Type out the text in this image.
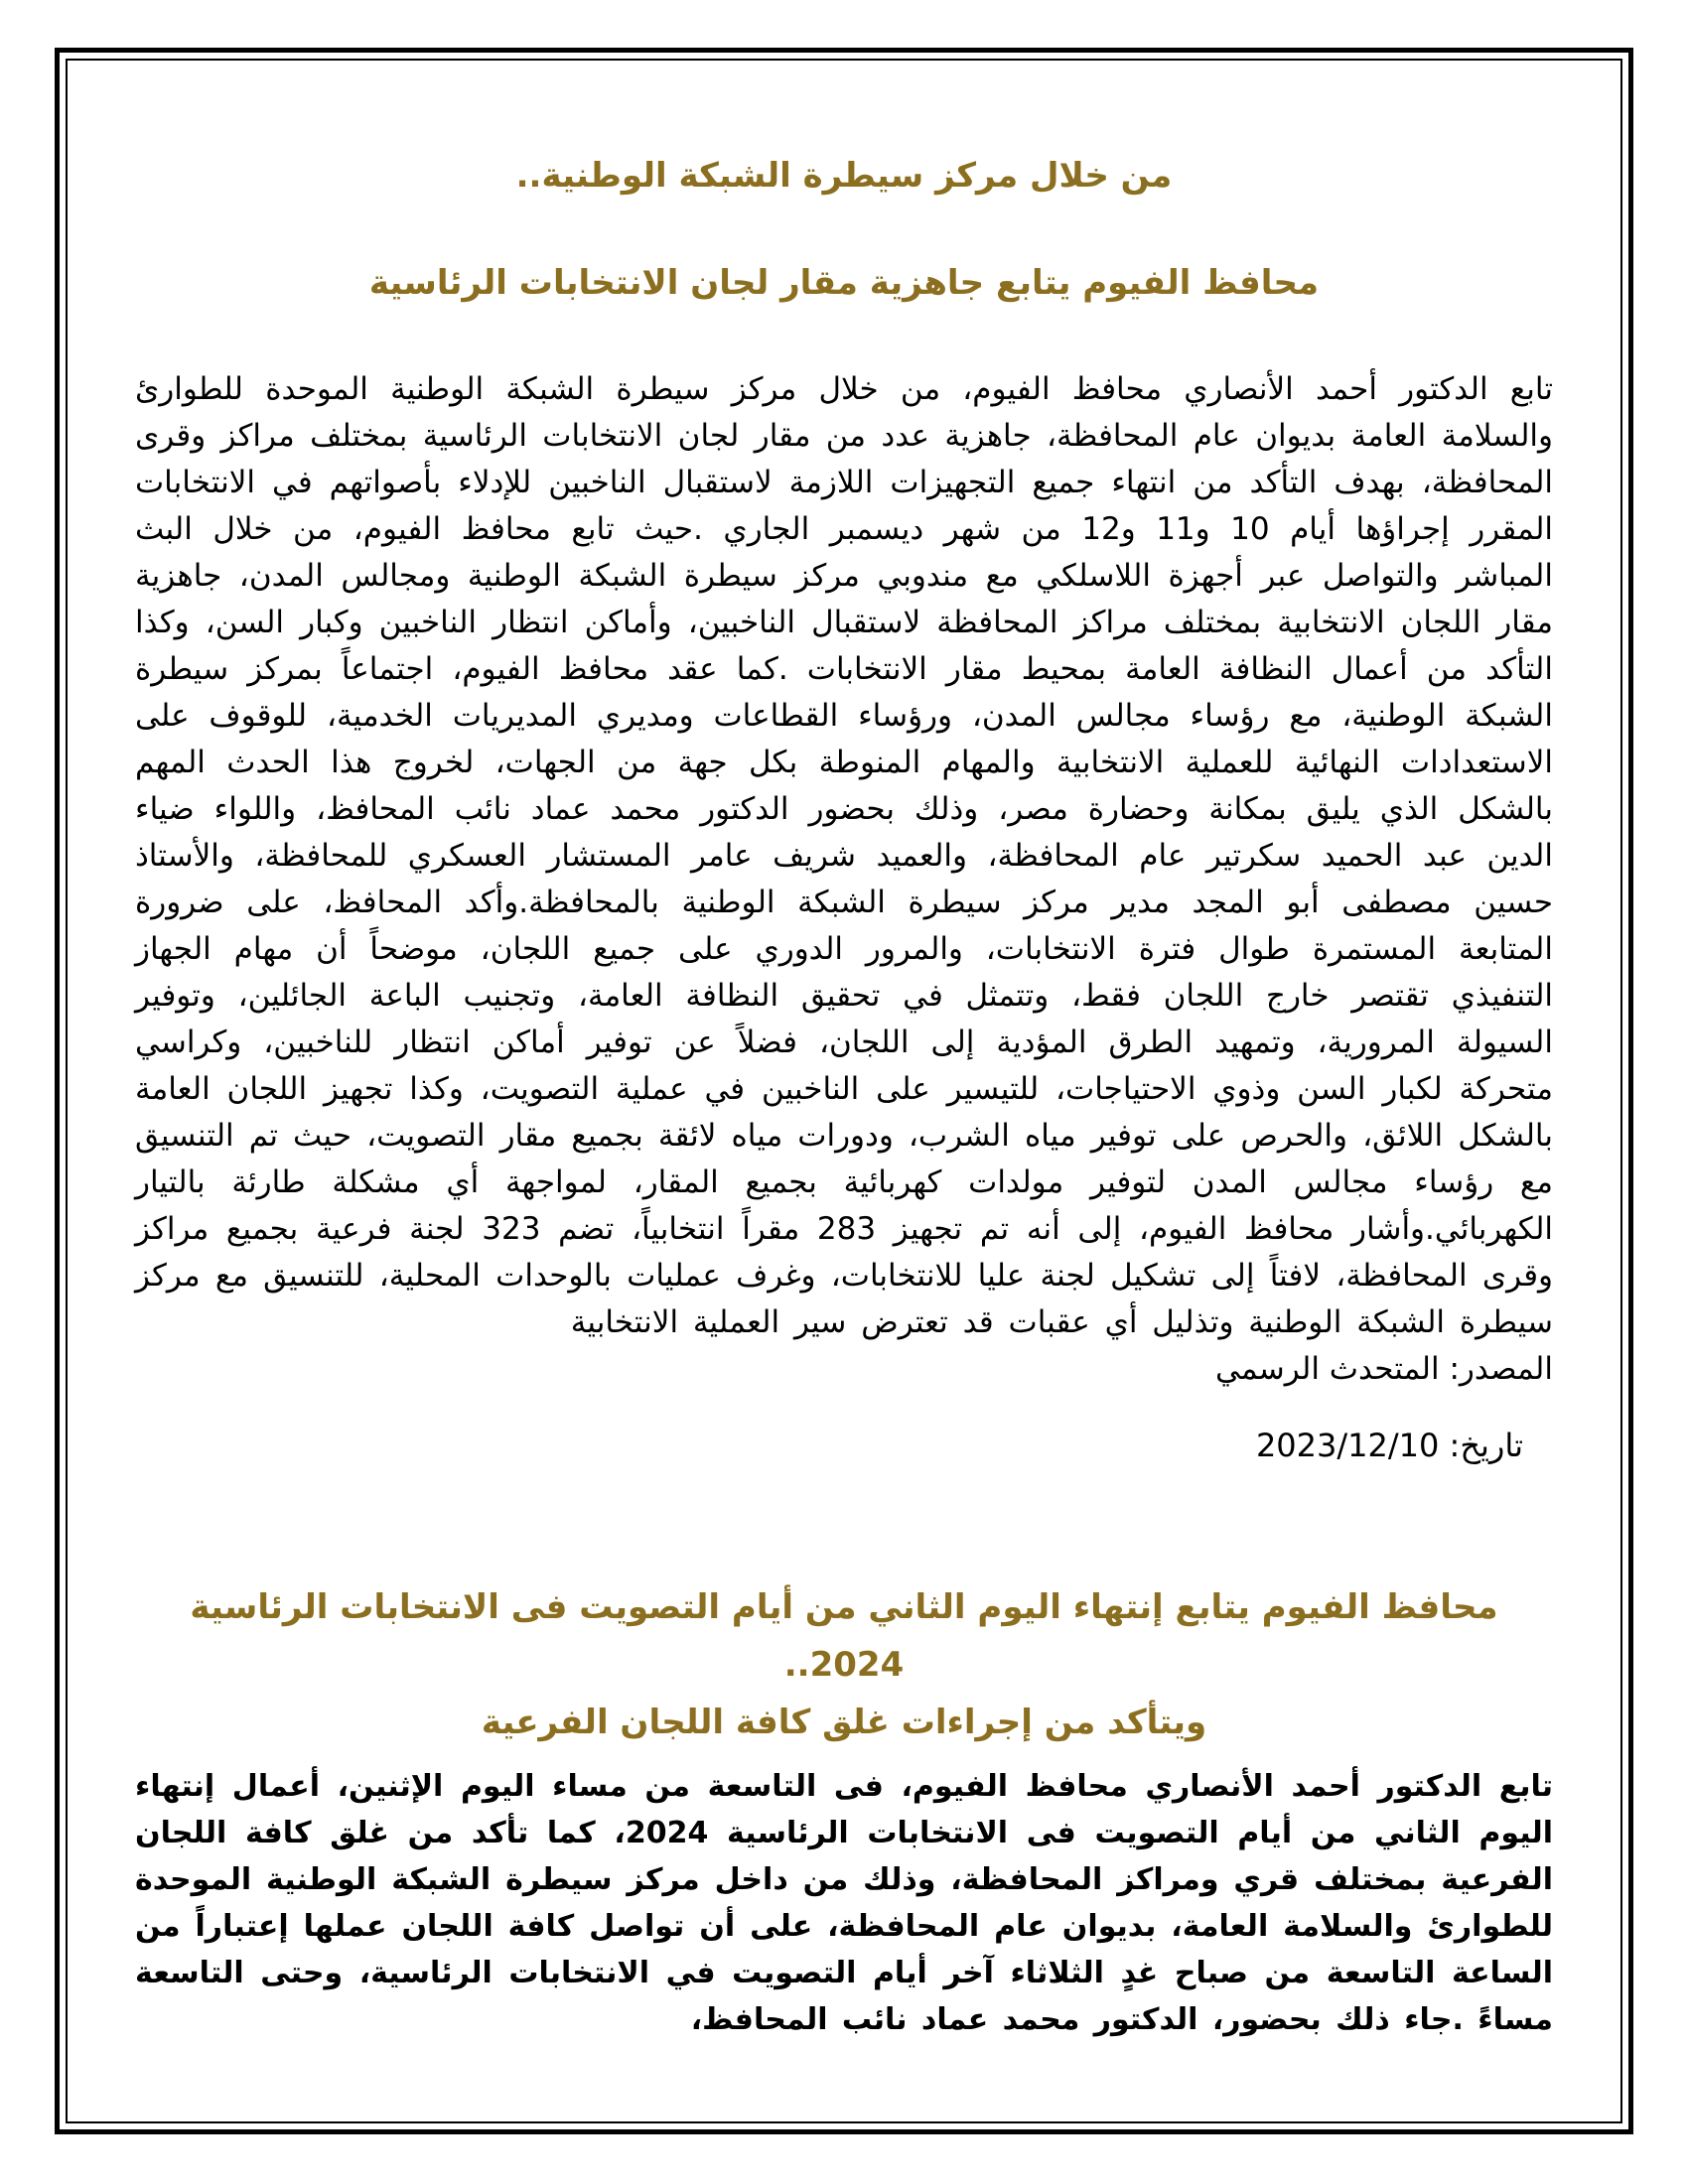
من خلال مركز سيطرة الشبكة الوطنية..
محافظ الفيوم يتابع جاهزية مقار لجان الانتخابات الرئاسية

تابع الدكتور أحمد الأنصاري محافظ الفيوم، من خلال مركز سيطرة الشبكة الوطنية الموحدة للطوارئ والسلامة العامة بديوان عام المحافظة، جاهزية عدد من مقار لجان الانتخابات الرئاسية بمختلف مراكز وقرى المحافظة، بهدف التأكد من انتهاء جميع التجهيزات اللازمة لاستقبال الناخبين للإدلاء بأصواتهم في الانتخابات المقرر إجراؤها أيام 10 و11 و12 من شهر ديسمبر الجاري .حيث تابع محافظ الفيوم، من خلال البث المباشر والتواصل عبر أجهزة اللاسلكي مع مندوبي مركز سيطرة الشبكة الوطنية ومجالس المدن، جاهزية مقار اللجان الانتخابية بمختلف مراكز المحافظة لاستقبال الناخبين، وأماكن انتظار الناخبين وكبار السن، وكذا التأكد من أعمال النظافة العامة بمحيط مقار الانتخابات .كما عقد محافظ الفيوم، اجتماعاً بمركز سيطرة الشبكة الوطنية، مع رؤساء مجالس المدن، ورؤساء القطاعات ومديري المديريات الخدمية، للوقوف على الاستعدادات النهائية للعملية الانتخابية والمهام المنوطة بكل جهة من الجهات، لخروج هذا الحدث المهم بالشكل الذي يليق بمكانة وحضارة مصر، وذلك بحضور الدكتور محمد عماد نائب المحافظ، واللواء ضياء الدين عبد الحميد سكرتير عام المحافظة، والعميد شريف عامر المستشار العسكري للمحافظة، والأستاذ حسين مصطفى أبو المجد مدير مركز سيطرة الشبكة الوطنية بالمحافظة.وأكد المحافظ، على ضرورة المتابعة المستمرة طوال فترة الانتخابات، والمرور الدوري على جميع اللجان، موضحاً أن مهام الجهاز التنفيذي تقتصر خارج اللجان فقط، وتتمثل في تحقيق النظافة العامة، وتجنيب الباعة الجائلين، وتوفير السيولة المرورية، وتمهيد الطرق المؤدية إلى اللجان، فضلاً عن توفير أماكن انتظار للناخبين، وكراسي متحركة لكبار السن وذوي الاحتياجات، للتيسير على الناخبين في عملية التصويت، وكذا تجهيز اللجان العامة بالشكل اللائق، والحرص على توفير مياه الشرب، ودورات مياه لائقة بجميع مقار التصويت، حيث تم التنسيق مع رؤساء مجالس المدن لتوفير مولدات كهربائية بجميع المقار، لمواجهة أي مشكلة طارئة بالتيار الكهربائي.وأشار محافظ الفيوم، إلى أنه تم تجهيز 283 مقراً انتخابياً، تضم 323 لجنة فرعية بجميع مراكز وقرى المحافظة، لافتاً إلى تشكيل لجنة عليا للانتخابات، وغرف عمليات بالوحدات المحلية، للتنسيق مع مركز سيطرة الشبكة الوطنية وتذليل أي عقبات قد تعترض سير العملية الانتخابية

المصدر: المتحدث الرسمي

تاريخ: 2023/12/10

محافظ الفيوم يتابع إنتهاء اليوم الثاني من أيام التصويت فى الانتخابات الرئاسية
2024..
ويتأكد من إجراءات غلق كافة اللجان الفرعية

تابع الدكتور أحمد الأنصاري محافظ الفيوم، فى التاسعة من مساء اليوم الإثنين، أعمال إنتهاء اليوم الثاني من أيام التصويت فى الانتخابات الرئاسية 2024، كما تأكد من غلق كافة اللجان الفرعية بمختلف قري ومراكز المحافظة، وذلك من داخل مركز سيطرة الشبكة الوطنية الموحدة للطوارئ والسلامة العامة، بديوان عام المحافظة، على أن تواصل كافة اللجان عملها إعتباراً من الساعة التاسعة من صباح غدٍ الثلاثاء آخر أيام التصويت في الانتخابات الرئاسية، وحتى التاسعة مساءً .جاء ذلك بحضور، الدكتور محمد عماد نائب المحافظ،
